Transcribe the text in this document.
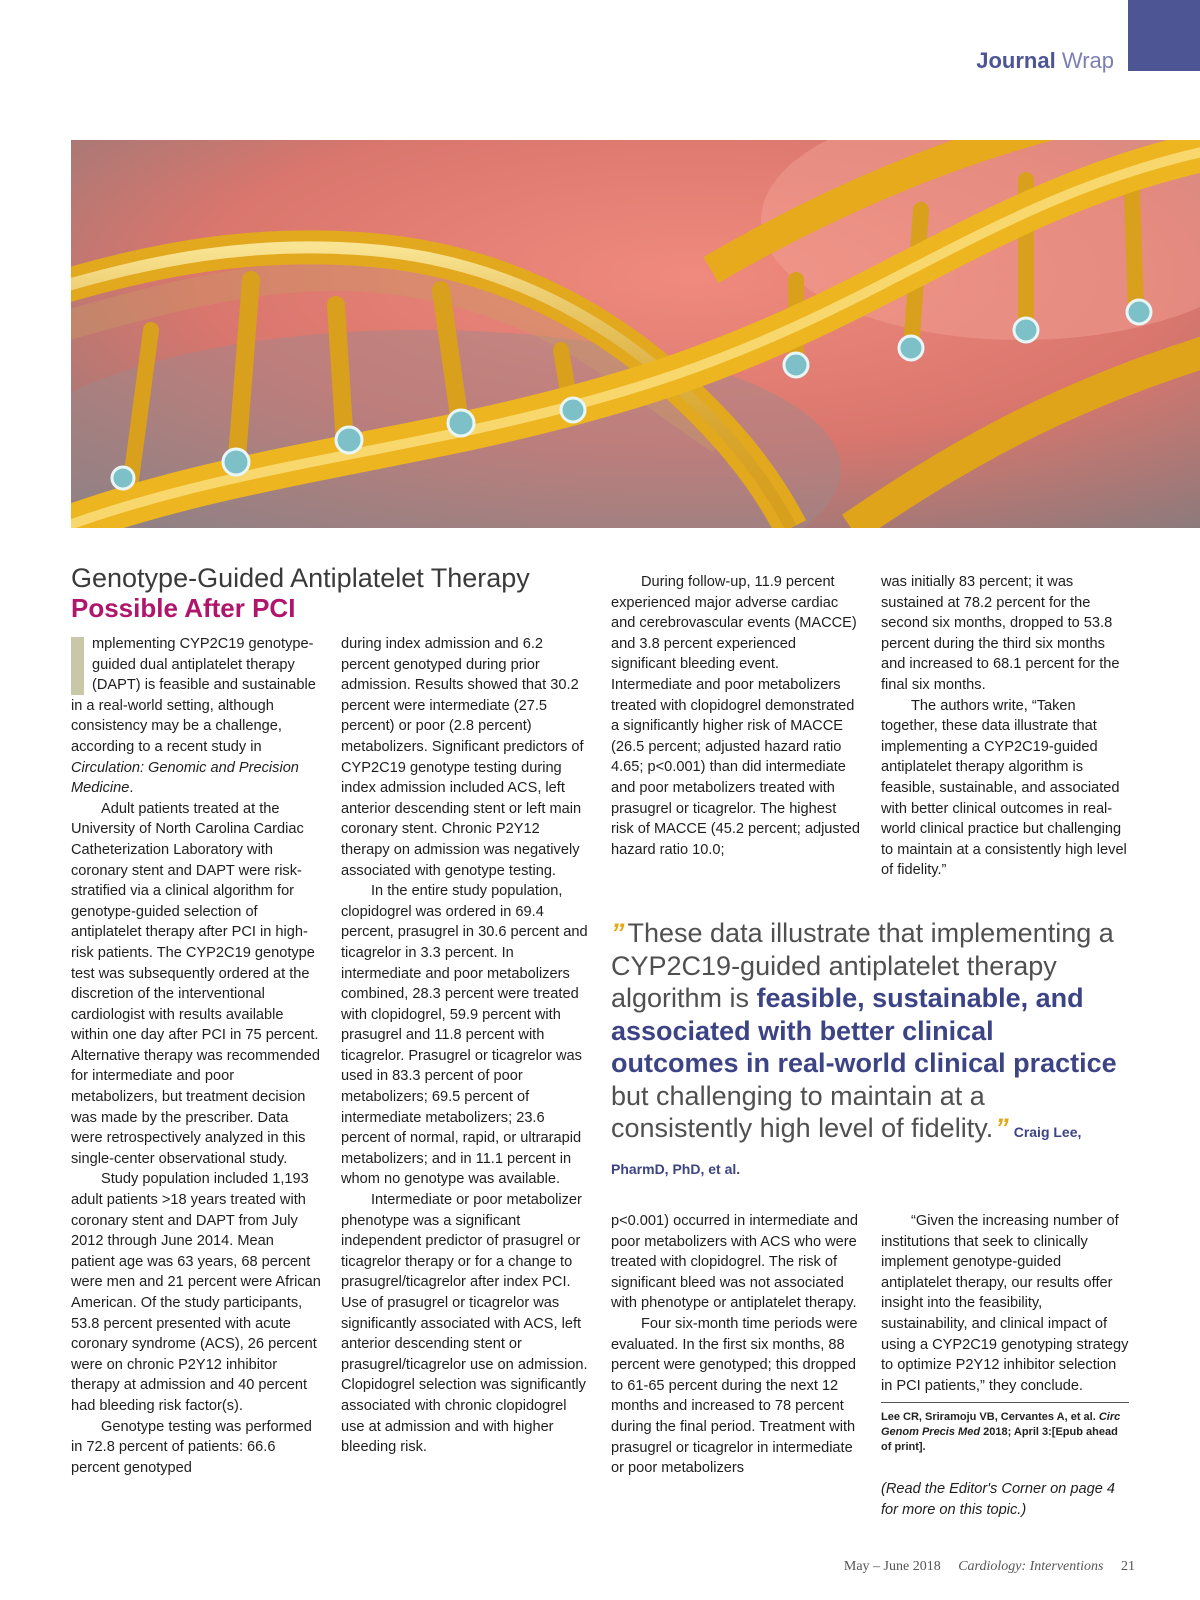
Journal Wrap
Genotype-Guided Antiplatelet Therapy
Possible After PCI

mplementing CYP2C19 genotype-guided dual antiplatelet therapy (DAPT) is feasible and sustainable in a real-world setting, although consistency may be a challenge, according to a recent study in Circulation: Genomic and Precision Medicine.

Adult patients treated at the University of North Carolina Cardiac Catheterization Laboratory with coronary stent and DAPT were risk-stratified via a clinical algorithm for genotype-guided selection of antiplatelet therapy after PCI in high-risk patients. The CYP2C19 genotype test was subsequently ordered at the discretion of the interventional cardiologist with results available within one day after PCI in 75 percent. Alternative therapy was recommended for intermediate and poor metabolizers, but treatment decision was made by the prescriber. Data were retrospectively analyzed in this single-center observational study.

Study population included 1,193 adult patients >18 years treated with coronary stent and DAPT from July 2012 through June 2014. Mean patient age was 63 years, 68 percent were men and 21 percent were African American. Of the study participants, 53.8 percent presented with acute coronary syndrome (ACS), 26 percent were on chronic P2Y12 inhibitor therapy at admission and 40 percent had bleeding risk factor(s).

Genotype testing was performed in 72.8 percent of patients: 66.6 percent genotyped

during index admission and 6.2 percent genotyped during prior admission. Results showed that 30.2 percent were intermediate (27.5 percent) or poor (2.8 percent) metabolizers. Significant predictors of CYP2C19 genotype testing during index admission included ACS, left anterior descending stent or left main coronary stent. Chronic P2Y12 therapy on admission was negatively associated with genotype testing.

In the entire study population, clopidogrel was ordered in 69.4 percent, prasugrel in 30.6 percent and ticagrelor in 3.3 percent. In intermediate and poor metabolizers combined, 28.3 percent were treated with clopidogrel, 59.9 percent with prasugrel and 11.8 percent with ticagrelor. Prasugrel or ticagrelor was used in 83.3 percent of poor metabolizers; 69.5 percent of intermediate metabolizers; 23.6 percent of normal, rapid, or ultrarapid metabolizers; and in 11.1 percent in whom no genotype was available.

Intermediate or poor metabolizer phenotype was a significant independent predictor of prasugrel or ticagrelor therapy or for a change to prasugrel/ticagrelor after index PCI. Use of prasugrel or ticagrelor was significantly associated with ACS, left anterior descending stent or prasugrel/ticagrelor use on admission. Clopidogrel selection was significantly associated with chronic clopidogrel use at admission and with higher bleeding risk.

During follow-up, 11.9 percent experienced major adverse cardiac and cerebrovascular events (MACCE) and 3.8 percent experienced significant bleeding event. Intermediate and poor metabolizers treated with clopidogrel demonstrated a significantly higher risk of MACCE (26.5 percent; adjusted hazard ratio 4.65; p<0.001) than did intermediate and poor metabolizers treated with prasugrel or ticagrelor. The highest risk of MACCE (45.2 percent; adjusted hazard ratio 10.0;

was initially 83 percent; it was sustained at 78.2 percent for the second six months, dropped to 53.8 percent during the third six months and increased to 68.1 percent for the final six months.

The authors write, “Taken together, these data illustrate that implementing a CYP2C19-guided antiplatelet therapy algorithm is feasible, sustainable, and associated with better clinical outcomes in real-world clinical practice but challenging to maintain at a consistently high level of fidelity.”

” These data illustrate that implementing a CYP2C19-guided antiplatelet therapy algorithm is feasible, sustainable, and associated with better clinical outcomes in real-world clinical practice but challenging to maintain at a consistently high level of fidelity.” Craig Lee, PharmD, PhD, et al.

p<0.001) occurred in intermediate and poor metabolizers with ACS who were treated with clopidogrel. The risk of significant bleed was not associated with phenotype or antiplatelet therapy.

Four six-month time periods were evaluated. In the first six months, 88 percent were genotyped; this dropped to 61-65 percent during the next 12 months and increased to 78 percent during the final period. Treatment with prasugrel or ticagrelor in intermediate or poor metabolizers

“Given the increasing number of institutions that seek to clinically implement genotype-guided antiplatelet therapy, our results offer insight into the feasibility, sustainability, and clinical impact of using a CYP2C19 genotyping strategy to optimize P2Y12 inhibitor selection in PCI patients,” they conclude.

Lee CR, Sriramoju VB, Cervantes A, et al. Circ Genom Precis Med 2018; April 3:[Epub ahead of print].
(Read the Editor's Corner on page 4 for more on this topic.)
May – June 2018 Cardiology: Interventions 21
